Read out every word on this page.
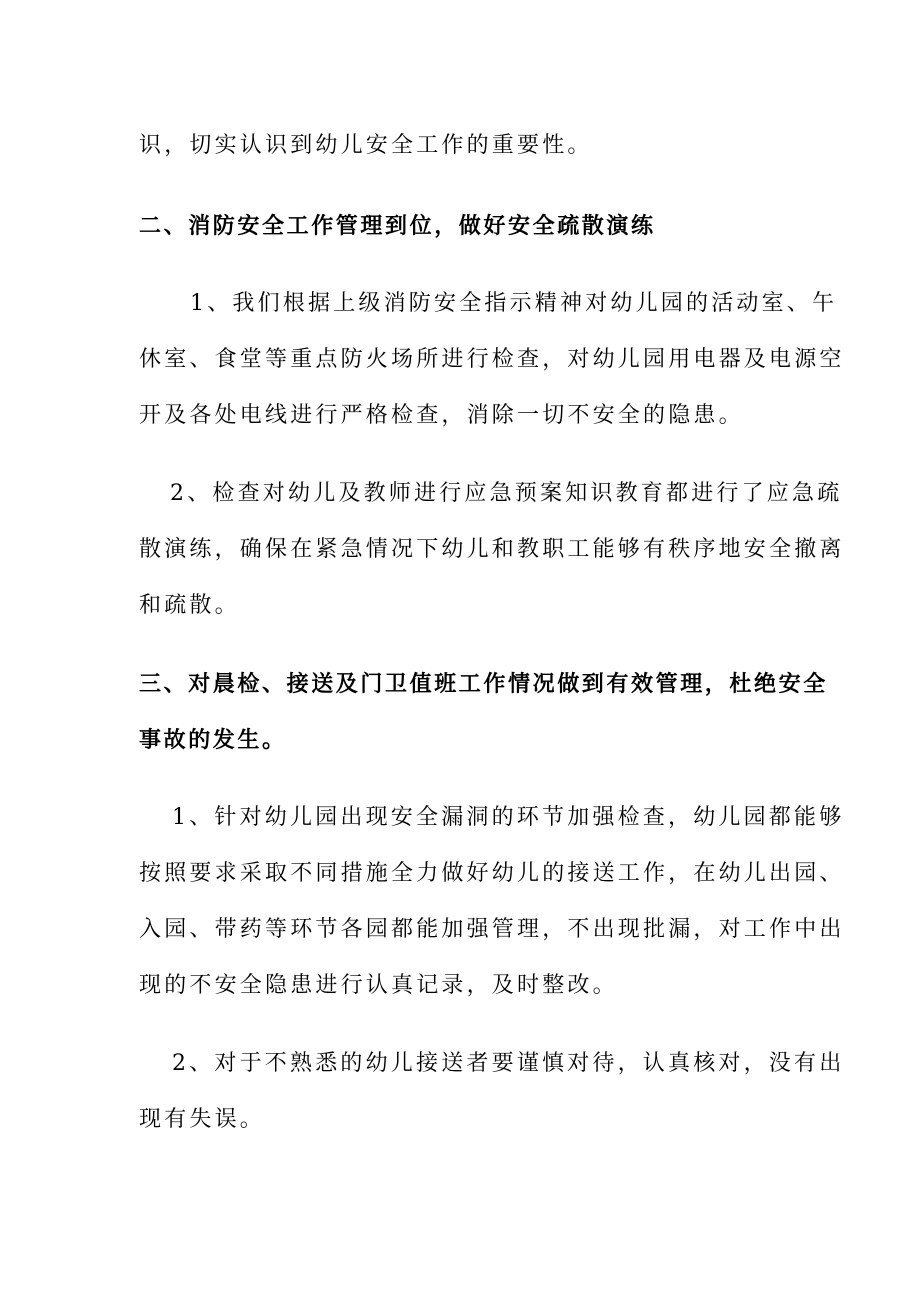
识，切实认识到幼儿安全工作的重要性。
二、消防安全工作管理到位，做好安全疏散演练
1、我们根据上级消防安全指示精神对幼儿园的活动室、午
休室、食堂等重点防火场所进行检查，对幼儿园用电器及电源空
开及各处电线进行严格检查，消除一切不安全的隐患。
2、检查对幼儿及教师进行应急预案知识教育都进行了应急疏
散演练，确保在紧急情况下幼儿和教职工能够有秩序地安全撤离
和疏散。
三、对晨检、接送及门卫值班工作情况做到有效管理，杜绝安全
事故的发生。
1、针对幼儿园出现安全漏洞的环节加强检查，幼儿园都能够
按照要求采取不同措施全力做好幼儿的接送工作，在幼儿出园、
入园、带药等环节各园都能加强管理，不出现批漏，对工作中出
现的不安全隐患进行认真记录，及时整改。
2、对于不熟悉的幼儿接送者要谨慎对待，认真核对，没有出
现有失误。
